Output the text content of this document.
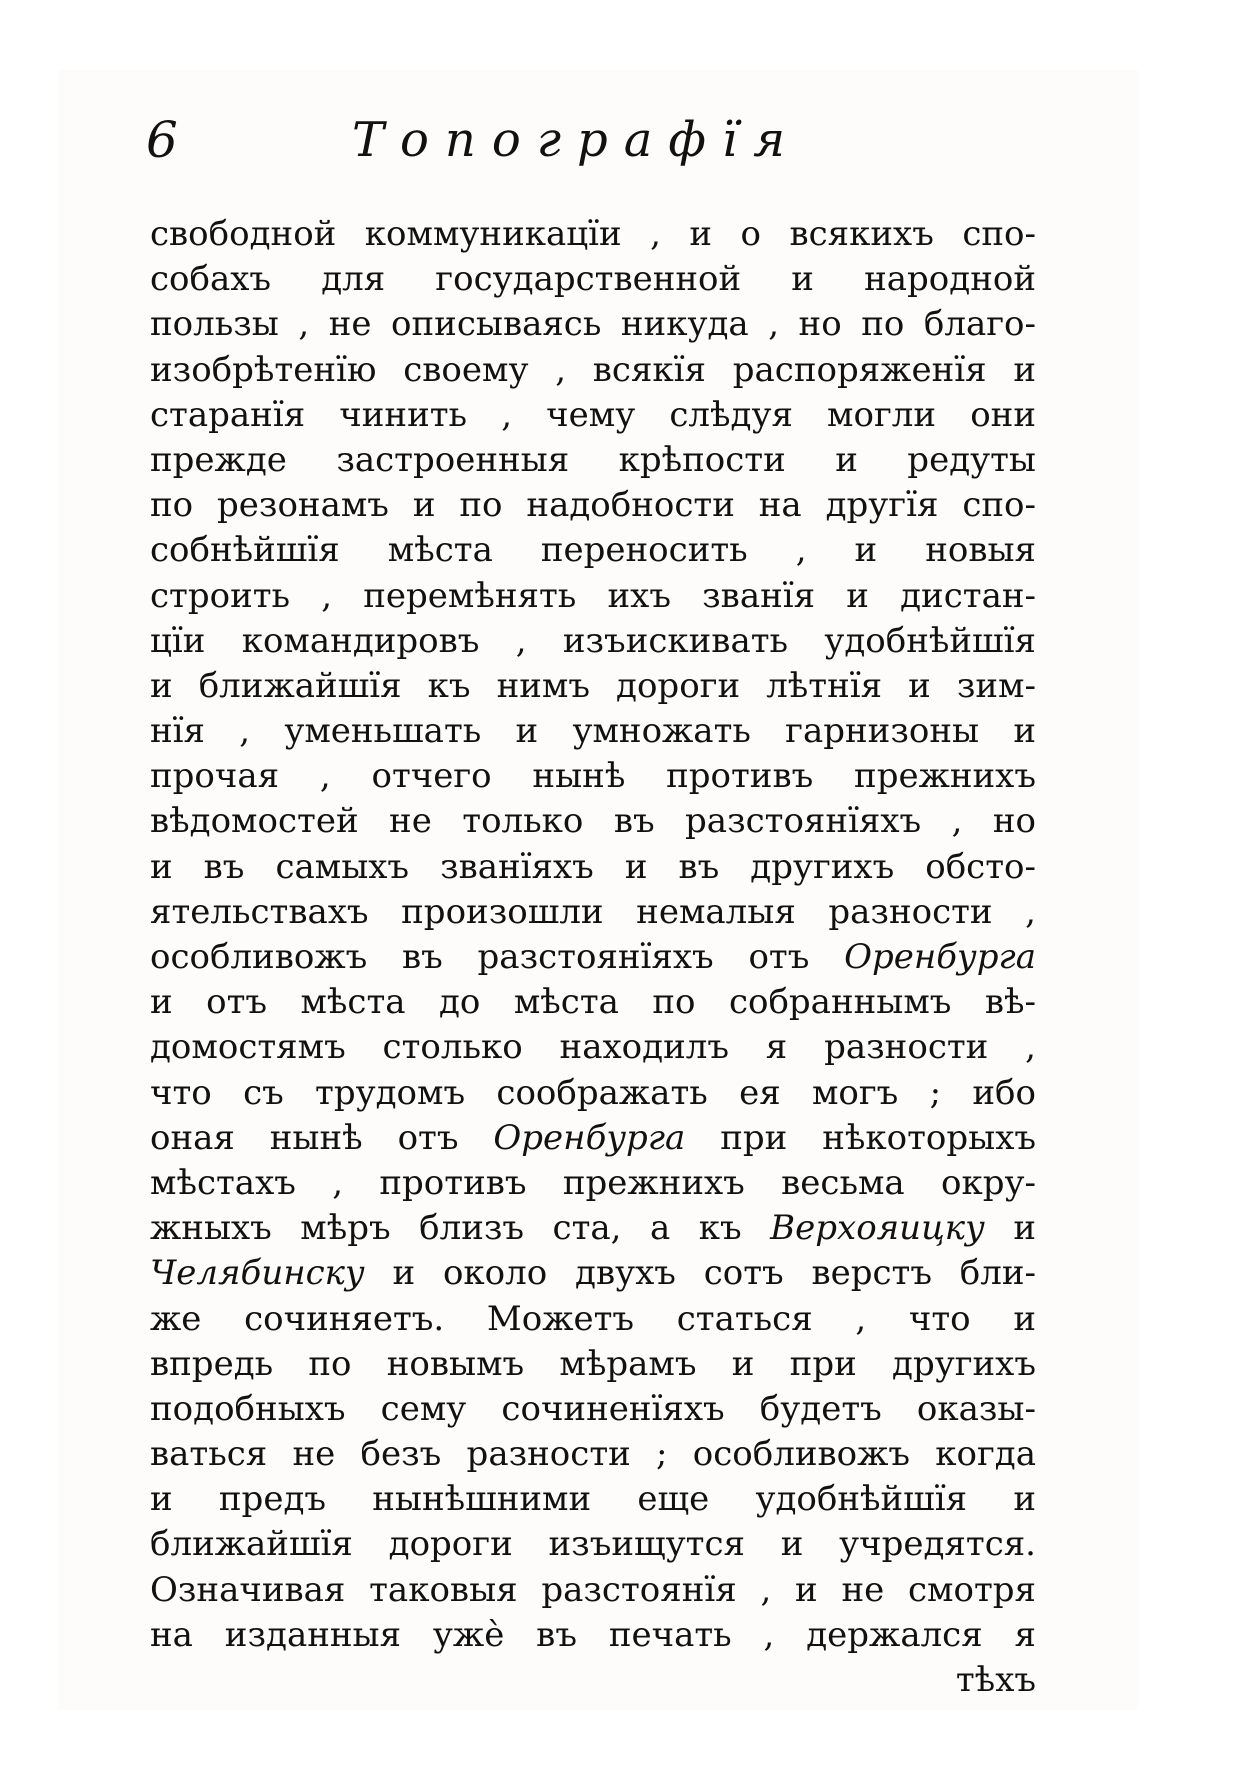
6	Топографїя
свободной коммуникацїи , и о всякихъ спо-
собахъ для государственной и народной
пользы , не описываясь никуда , но по благо-
изобрѣтенїю своему , всякїя распоряженїя и
старанїя чинить , чему слѣдуя могли они
прежде застроенныя крѣпости и редуты
по резонамъ и по надобности на другїя спо-
собнѣйшїя мѣста переносить , и новыя
строить , перемѣнять ихъ званїя и дистан-
цїи командировъ , изъискивать удобнѣйшїя
и ближайшїя къ нимъ дороги лѣтнїя и зим-
нїя , уменьшать и умножать гарнизоны и
прочая , отчего нынѣ противъ прежнихъ
вѣдомостей не только въ разстоянїяхъ , но
и въ самыхъ званїяхъ и въ другихъ обсто-
ятельствахъ произошли немалыя разности ,
особливожъ въ разстоянїяхъ отъ Оренбурга
и отъ мѣста до мѣста по собраннымъ вѣ-
домостямъ столько находилъ я разности ,
что съ трудомъ соображать ея могъ ; ибо
оная нынѣ отъ Оренбурга при нѣкоторыхъ
мѣстахъ , противъ прежнихъ весьма окру-
жныхъ мѣръ близъ ста, а къ Верхояицку и
Челябинску и около двухъ сотъ верстъ бли-
же сочиняетъ. Можетъ статься , что и
впредь по новымъ мѣрамъ и при другихъ
подобныхъ сему сочиненїяхъ будетъ оказы-
ваться не безъ разности ; особливожъ когда
и предъ нынѣшними еще удобнѣйшїя и
ближайшїя дороги изъищутся и учредятся.
Означивая таковыя разстоянїя , и не смотря
на изданныя ужѐ въ печать , держался я
тѣхъ
